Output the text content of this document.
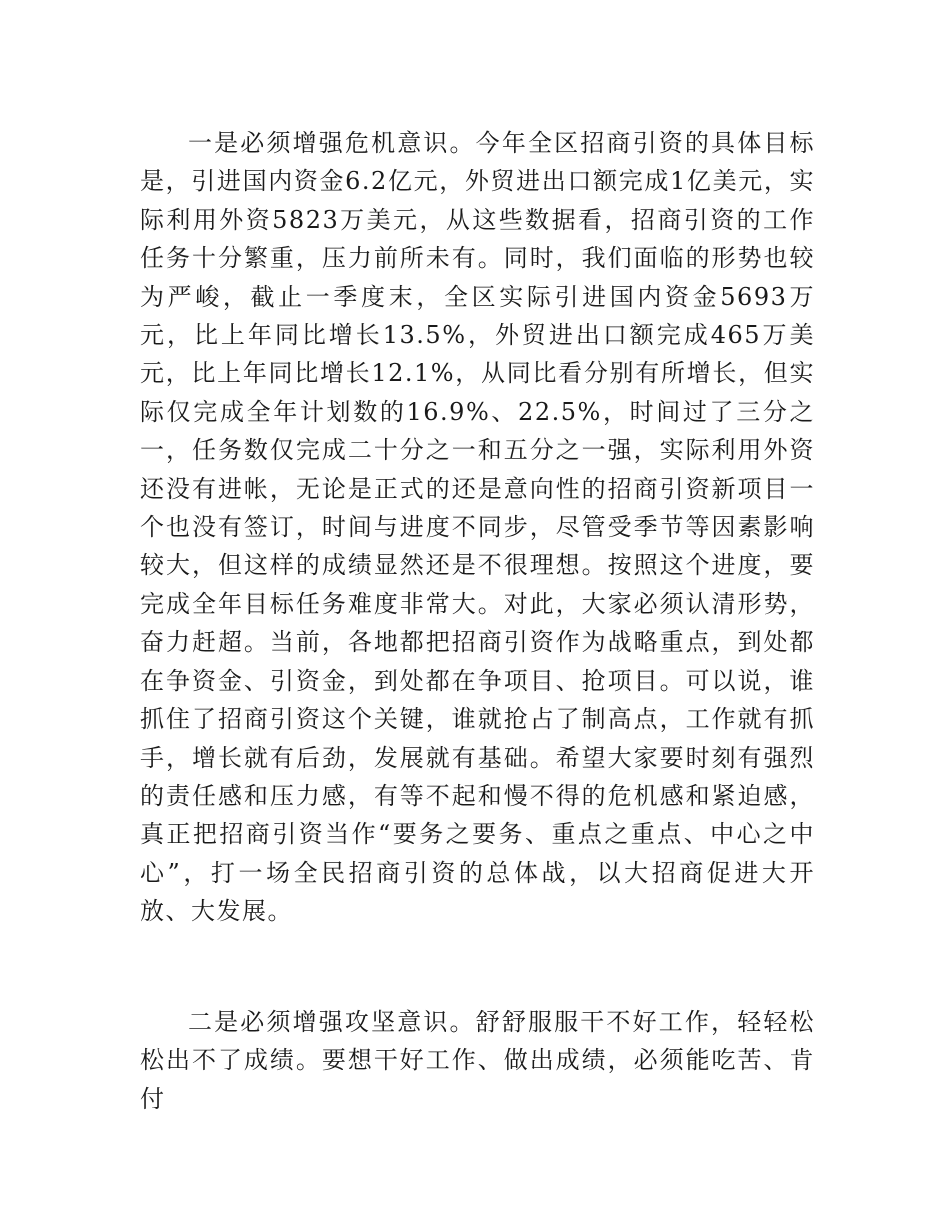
一是必须增强危机意识。今年全区招商引资的具体目标是，引进国内资金6.2亿元，外贸进出口额完成1亿美元，实际利用外资5823万美元，从这些数据看，招商引资的工作任务十分繁重，压力前所未有。同时，我们面临的形势也较为严峻，截止一季度末，全区实际引进国内资金5693万元，比上年同比增长13.5%，外贸进出口额完成465万美元，比上年同比增长12.1%，从同比看分别有所增长，但实际仅完成全年计划数的16.9%、22.5%，时间过了三分之一，任务数仅完成二十分之一和五分之一强，实际利用外资还没有进帐，无论是正式的还是意向性的招商引资新项目一个也没有签订，时间与进度不同步，尽管受季节等因素影响较大，但这样的成绩显然还是不很理想。按照这个进度，要完成全年目标任务难度非常大。对此，大家必须认清形势，奋力赶超。当前，各地都把招商引资作为战略重点，到处都在争资金、引资金，到处都在争项目、抢项目。可以说，谁抓住了招商引资这个关键，谁就抢占了制高点，工作就有抓手，增长就有后劲，发展就有基础。希望大家要时刻有强烈的责任感和压力感，有等不起和慢不得的危机感和紧迫感，真正把招商引资当作“要务之要务、重点之重点、中心之中心”，打一场全民招商引资的总体战，以大招商促进大开放、大发展。

二是必须增强攻坚意识。舒舒服服干不好工作，轻轻松松出不了成绩。要想干好工作、做出成绩，必须能吃苦、肯付
